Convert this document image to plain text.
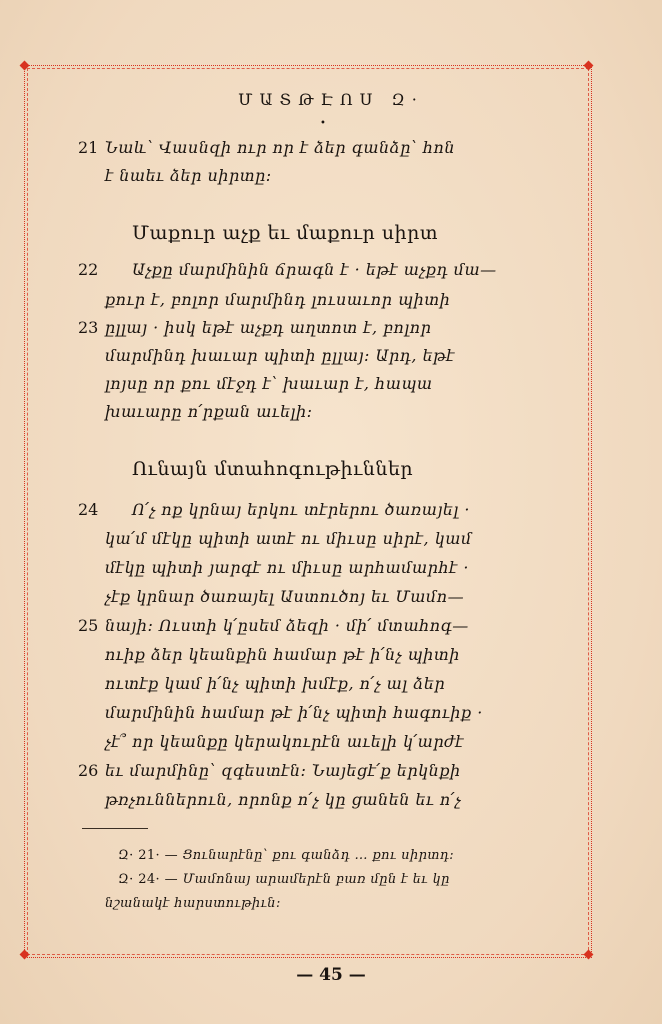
ՄԱՏԹԷՈՍ Զ·
•
21 Նաև՝ Վասնզի ուր որ է ձեր գանձը՝ հոն
է նաեւ ձեր սիրտը:
Մաքուր աչք եւ մաքուր սիրտ
22 Աչքը մարմինին ճրագն է · եթէ աչքդ մա—
քուր է, բոլոր մարմինդ լուսաւոր պիտի
23 ըլլայ · իսկ եթէ աչքդ աղտոտ է, բոլոր
մարմինդ խաւար պիտի ըլլայ: Արդ, եթէ
լոյսը որ քու մէջդ է՝ խաւար է, հապա
խաւարը ո՛րքան աւելի:
Ունայն մտահոգութիւններ
24 Ո՛չ ոք կրնայ երկու տէրերու ծառայել ·
կա՛մ մէկը պիտի ատէ ու միւսը սիրէ, կամ
մէկը պիտի յարգէ ու միւսը արհամարհէ ·
չէք կրնար ծառայել Աստուծոյ եւ Մամո—
25 նայի: Ուստի կ՛ըսեմ ձեզի · մի՛ մտահոգ—
ուիք ձեր կեանքին համար թէ ի՛նչ պիտի
ուտէք կամ ի՛նչ պիտի խմէք, ո՛չ ալ ձեր
մարմինին համար թէ ի՛նչ պիտի հագուիք ·
չէ՞ որ կեանքը կերակուրէն աւելի կ՛արժէ
26 եւ մարմինը՝ զգեստէն: Նայեցէ՛ք երկնքի
թռչուններուն, որոնք ո՛չ կը ցանեն եւ ո՛չ
Զ· 21· — Ցունարէնը՝ քու գանձդ … քու սիրտդ:
Զ· 24· — Մամոնայ արամերէն բառ մըն է եւ կը
նշանակէ հարստութիւն:
— 45 —
